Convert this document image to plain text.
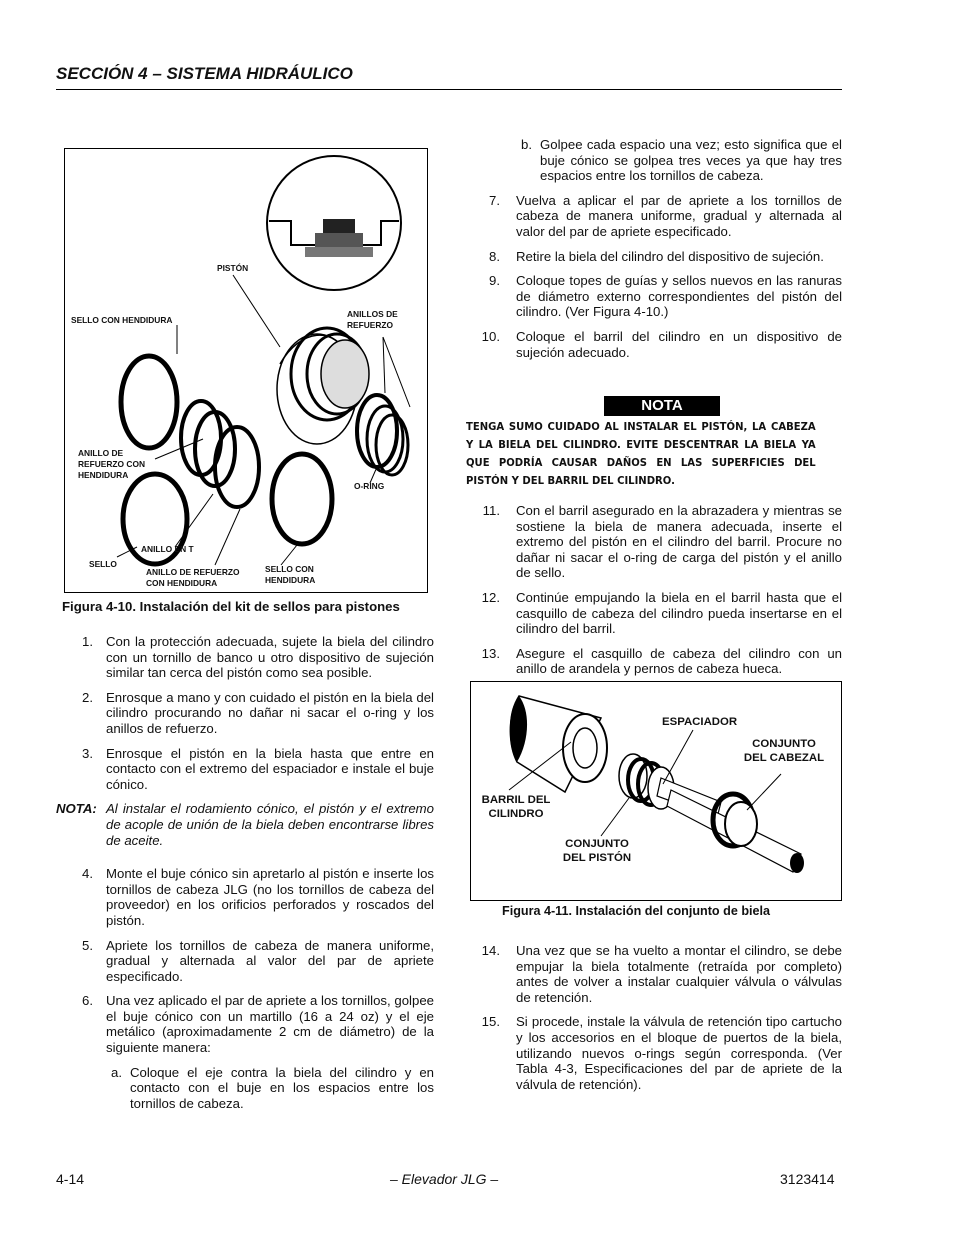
SECCIÓN 4 – SISTEMA HIDRÁULICO
PISTÓN
SELLO CON HENDIDURA
ANILLOS DE
REFUERZO
ANILLO DE
REFUERZO CON
HENDIDURA
O-RING
ANILLO EN T
SELLO
ANILLO DE REFUERZO
CON HENDIDURA
SELLO CON
HENDIDURA
Figura 4-10. Instalación del kit de sellos para pistones
1. Con la protección adecuada, sujete la biela del cilindro con un tornillo de banco u otro dispositivo de sujeción similar tan cerca del pistón como sea posible.
2. Enrosque a mano y con cuidado el pistón en la biela del cilindro procurando no dañar ni sacar el o-ring y los anillos de refuerzo.
3. Enrosque el pistón en la biela hasta que entre en contacto con el extremo del espaciador e instale el buje cónico.
NOTA: Al instalar el rodamiento cónico, el pistón y el extremo de acople de unión de la biela deben encontrarse libres de aceite.
4. Monte el buje cónico sin apretarlo al pistón e inserte los tornillos de cabeza JLG (no los tornillos de cabeza del proveedor) en los orificios perforados y roscados del pistón.
5. Apriete los tornillos de cabeza de manera uniforme, gradual y alternada al valor del par de apriete especificado.
6. Una vez aplicado el par de apriete a los tornillos, golpee el buje cónico con un martillo (16 a 24 oz) y el eje metálico (aproximadamente 2 cm de diámetro) de la siguiente manera:
a. Coloque el eje contra la biela del cilindro y en contacto con el buje en los espacios entre los tornillos de cabeza.
b. Golpee cada espacio una vez; esto significa que el buje cónico se golpea tres veces ya que hay tres espacios entre los tornillos de cabeza.
7. Vuelva a aplicar el par de apriete a los tornillos de cabeza de manera uniforme, gradual y alternada al valor del par de apriete especificado.
8. Retire la biela del cilindro del dispositivo de sujeción.
9. Coloque topes de guías y sellos nuevos en las ranuras de diámetro externo correspondientes del pistón del cilindro. (Ver Figura 4-10.)
10. Coloque el barril del cilindro en un dispositivo de sujeción adecuado.
NOTA
TENGA SUMO CUIDADO AL INSTALAR EL PISTÓN, LA CABEZA Y LA BIELA DEL CILINDRO. EVITE DESCENTRAR LA BIELA YA QUE PODRÍA CAUSAR DAÑOS EN LAS SUPERFICIES DEL PISTÓN Y DEL BARRIL DEL CILINDRO.
11. Con el barril asegurado en la abrazadera y mientras se sostiene la biela de manera adecuada, inserte el extremo del pistón en el cilindro del barril. Procure no dañar ni sacar el o-ring de carga del pistón y el anillo de sello.
12. Continúe empujando la biela en el barril hasta que el casquillo de cabeza del cilindro pueda insertarse en el cilindro del barril.
13. Asegure el casquillo de cabeza del cilindro con un anillo de arandela y pernos de cabeza hueca.
ESPACIADOR
CONJUNTO
DEL CABEZAL
BARRIL DEL
CILINDRO
CONJUNTO
DEL PISTÓN
Figura 4-11. Instalación del conjunto de biela
14. Una vez que se ha vuelto a montar el cilindro, se debe empujar la biela totalmente (retraída por completo) antes de volver a instalar cualquier válvula o válvulas de retención.
15. Si procede, instale la válvula de retención tipo cartucho y los accesorios en el bloque de puertos de la biela, utilizando nuevos o-rings según corresponda. (Ver Tabla 4-3, Especificaciones del par de apriete de la válvula de retención).
4-14	– Elevador JLG –	3123414
